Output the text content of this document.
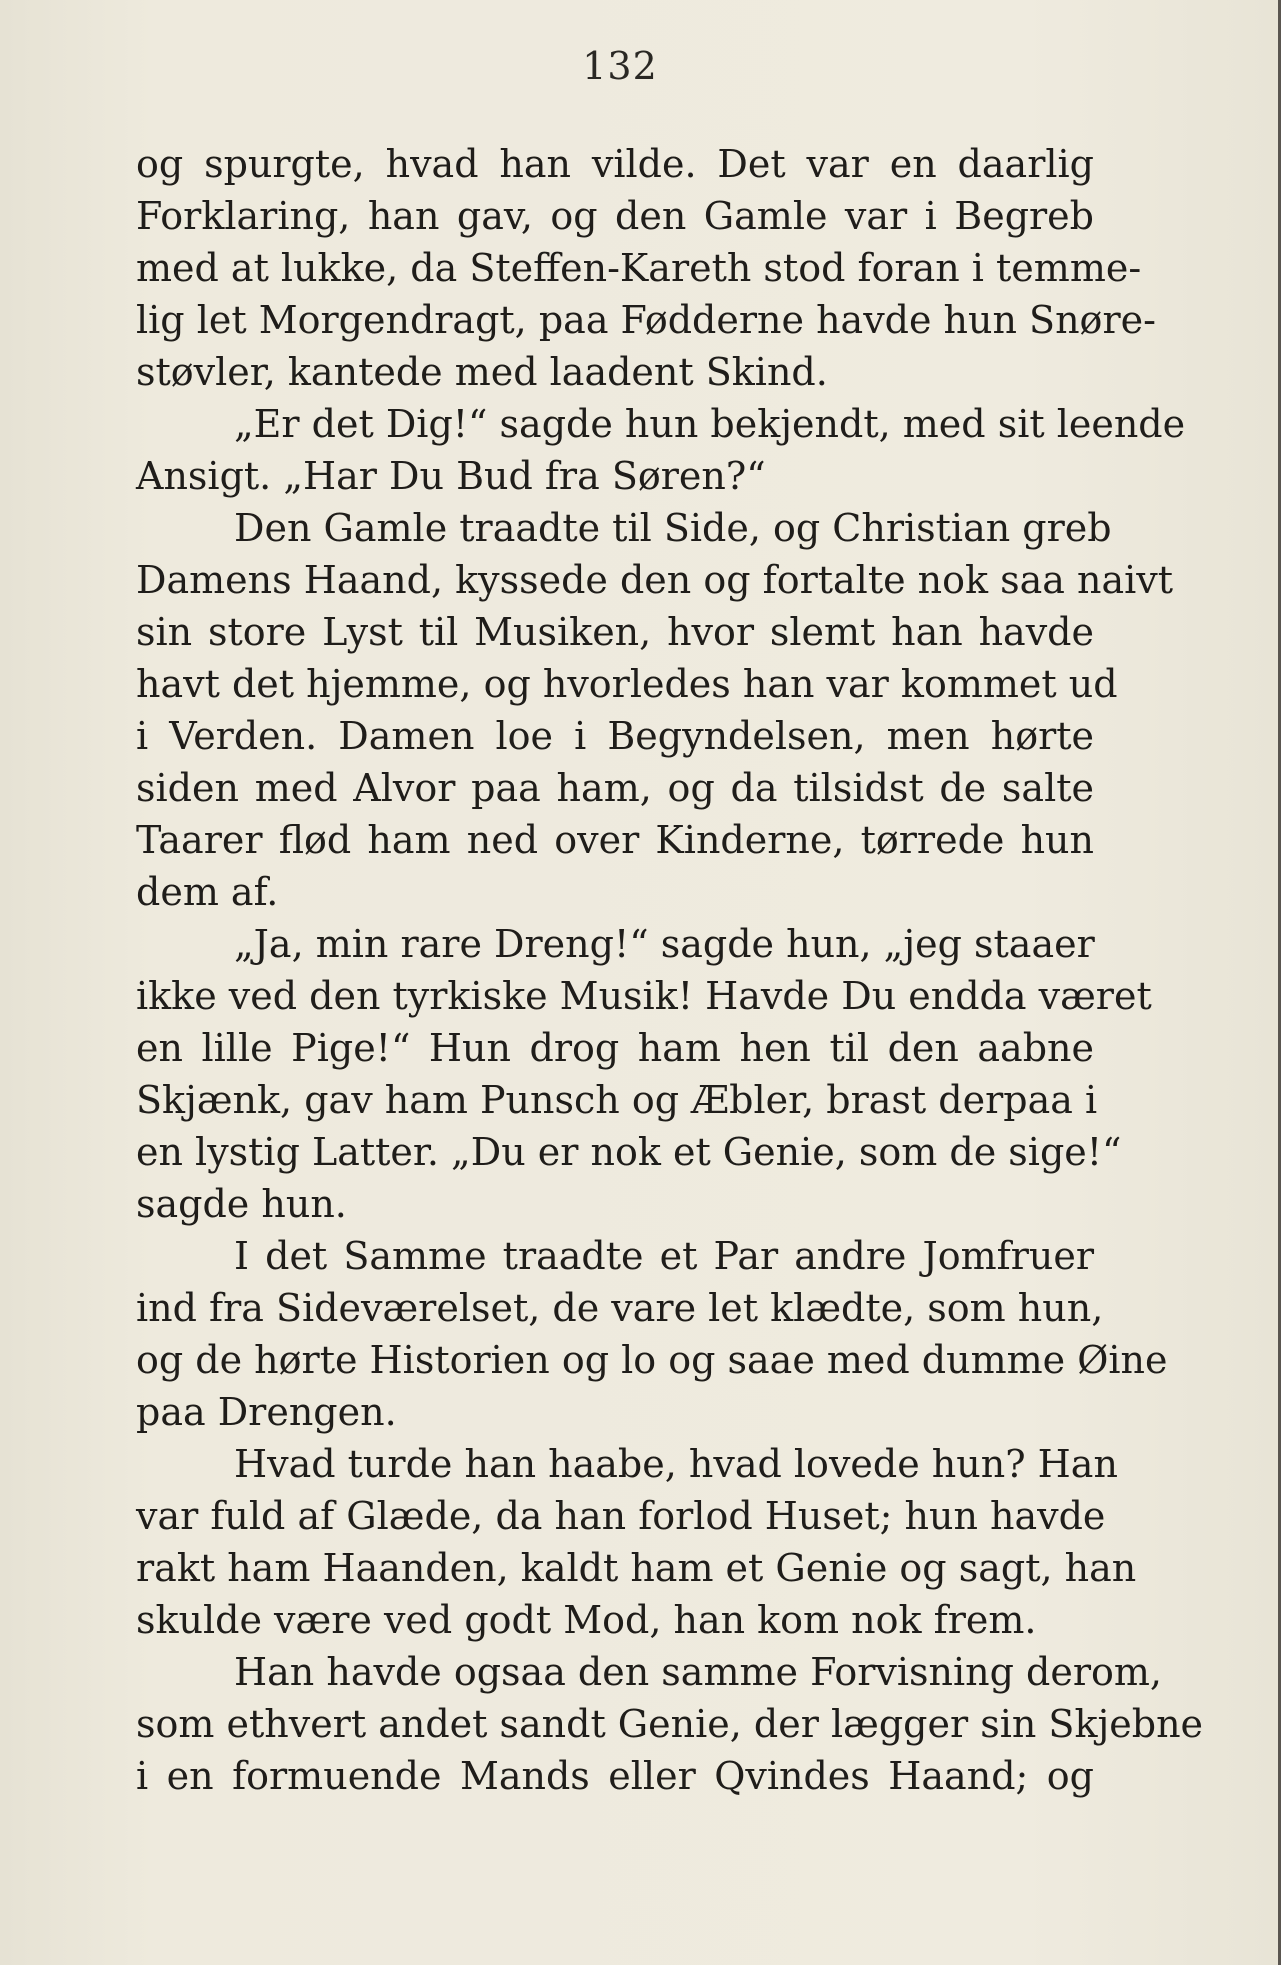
132
og spurgte, hvad han vilde. Det var en daarlig
Forklaring, han gav, og den Gamle var i Begreb
med at lukke, da Steffen-Kareth stod foran i temme-
lig let Morgendragt, paa Fødderne havde hun Snøre-
støvler, kantede med laadent Skind.
„Er det Dig!“ sagde hun bekjendt, med sit leende
Ansigt. „Har Du Bud fra Søren?“
Den Gamle traadte til Side, og Christian greb
Damens Haand, kyssede den og fortalte nok saa naivt
sin store Lyst til Musiken, hvor slemt han havde
havt det hjemme, og hvorledes han var kommet ud
i Verden. Damen loe i Begyndelsen, men hørte
siden med Alvor paa ham, og da tilsidst de salte
Taarer flød ham ned over Kinderne, tørrede hun
dem af.
„Ja, min rare Dreng!“ sagde hun, „jeg staaer
ikke ved den tyrkiske Musik! Havde Du endda været
en lille Pige!“ Hun drog ham hen til den aabne
Skjænk, gav ham Punsch og Æbler, brast derpaa i
en lystig Latter. „Du er nok et Genie, som de sige!“
sagde hun.
I det Samme traadte et Par andre Jomfruer
ind fra Sideværelset, de vare let klædte, som hun,
og de hørte Historien og lo og saae med dumme Øine
paa Drengen.
Hvad turde han haabe, hvad lovede hun? Han
var fuld af Glæde, da han forlod Huset; hun havde
rakt ham Haanden, kaldt ham et Genie og sagt, han
skulde være ved godt Mod, han kom nok frem.
Han havde ogsaa den samme Forvisning derom,
som ethvert andet sandt Genie, der lægger sin Skjebne
i en formuende Mands eller Qvindes Haand; og
